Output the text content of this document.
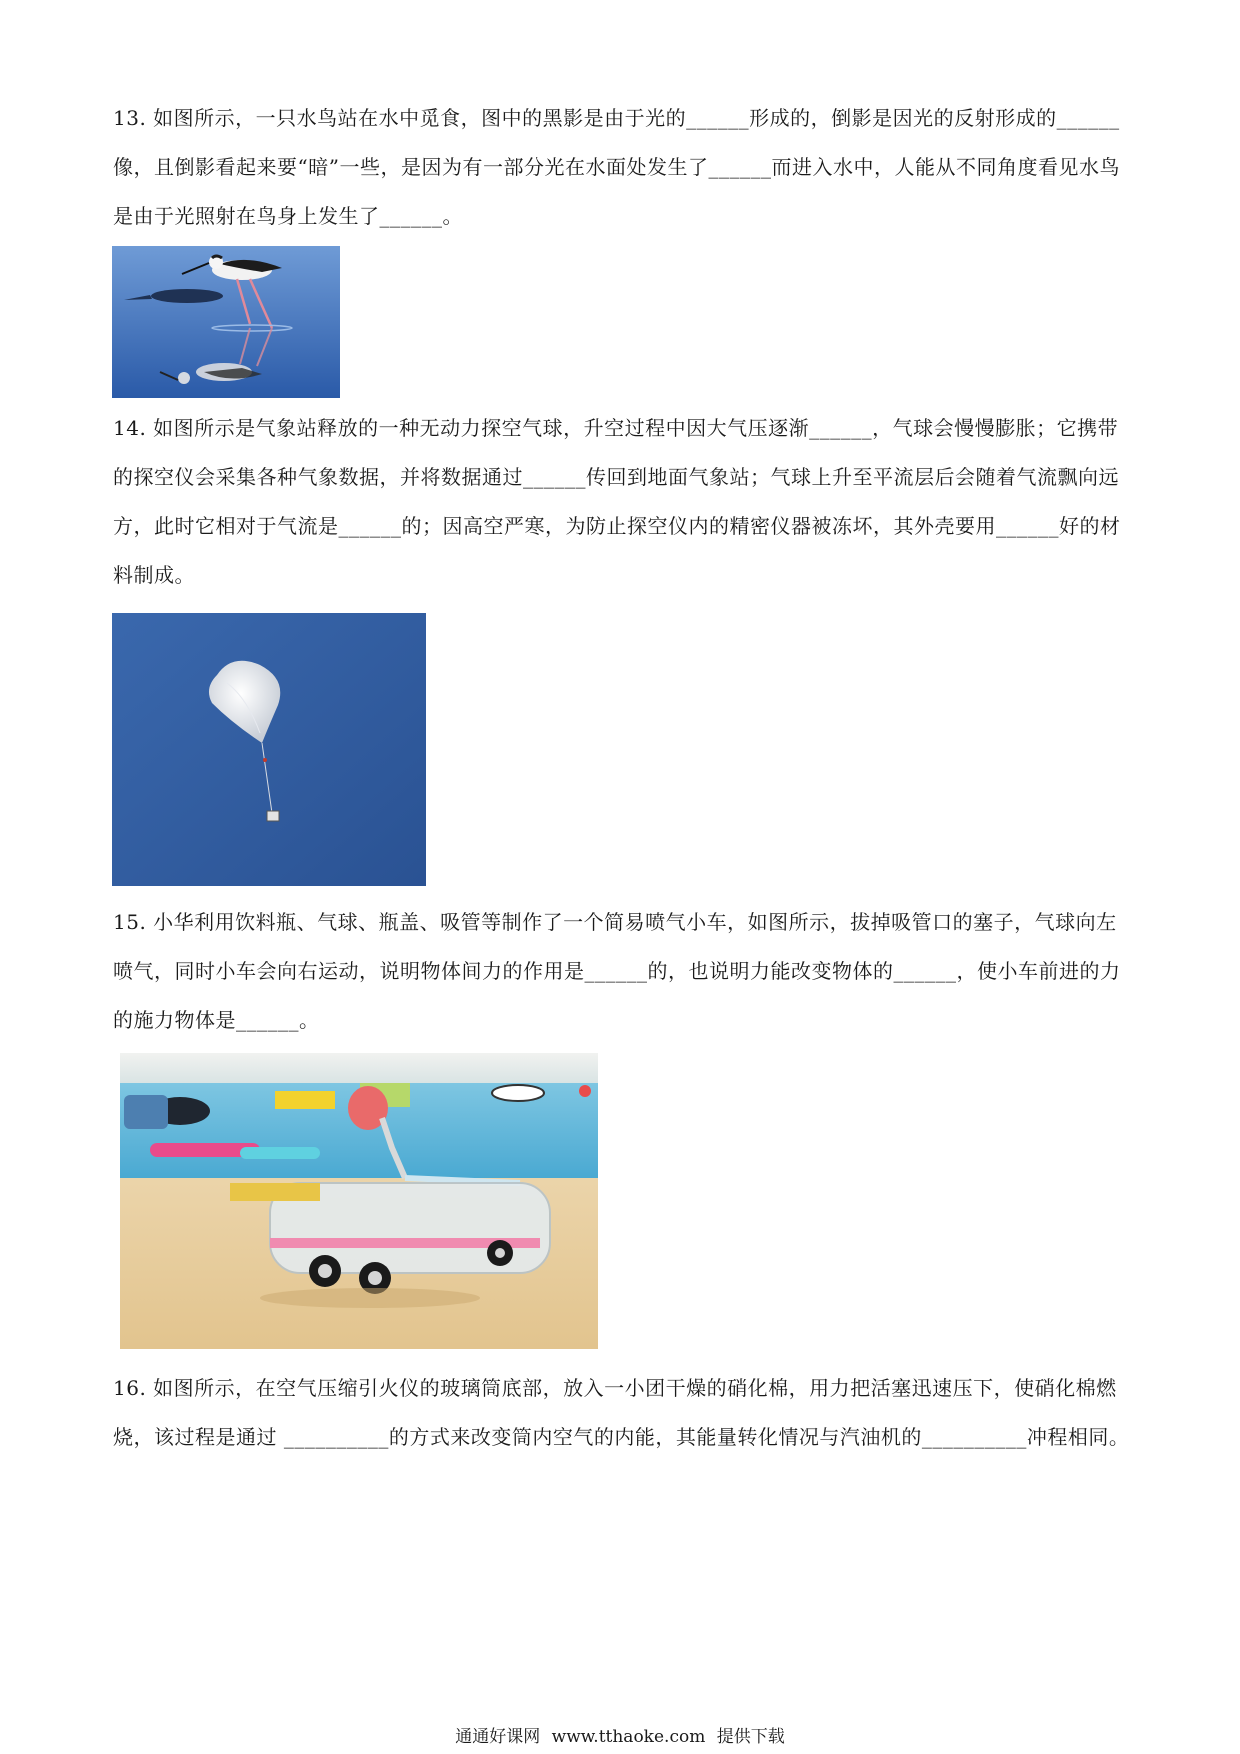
13. 如图所示，一只水鸟站在水中觅食，图中的黑影是由于光的______形成的，倒影是因光的反射形成的______像，且倒影看起来要“暗”一些，是因为有一部分光在水面处发生了______而进入水中，人能从不同角度看见水鸟是由于光照射在鸟身上发生了______。

14. 如图所示是气象站释放的一种无动力探空气球，升空过程中因大气压逐渐______，气球会慢慢膨胀；它携带的探空仪会采集各种气象数据，并将数据通过______传回到地面气象站；气球上升至平流层后会随着气流飘向远方，此时它相对于气流是______的；因高空严寒，为防止探空仪内的精密仪器被冻坏，其外壳要用______好的材料制成。

15. 小华利用饮料瓶、气球、瓶盖、吸管等制作了一个简易喷气小车，如图所示，拔掉吸管口的塞子，气球向左喷气，同时小车会向右运动，说明物体间力的作用是______的，也说明力能改变物体的______，使小车前进的力的施力物体是______。

16. 如图所示，在空气压缩引火仪的玻璃筒底部，放入一小团干燥的硝化棉，用力把活塞迅速压下，使硝化棉燃烧，该过程是通过 __________的方式来改变筒内空气的内能，其能量转化情况与汽油机的__________冲程相同。

通通好课网 www.tthaoke.com 提供下载
